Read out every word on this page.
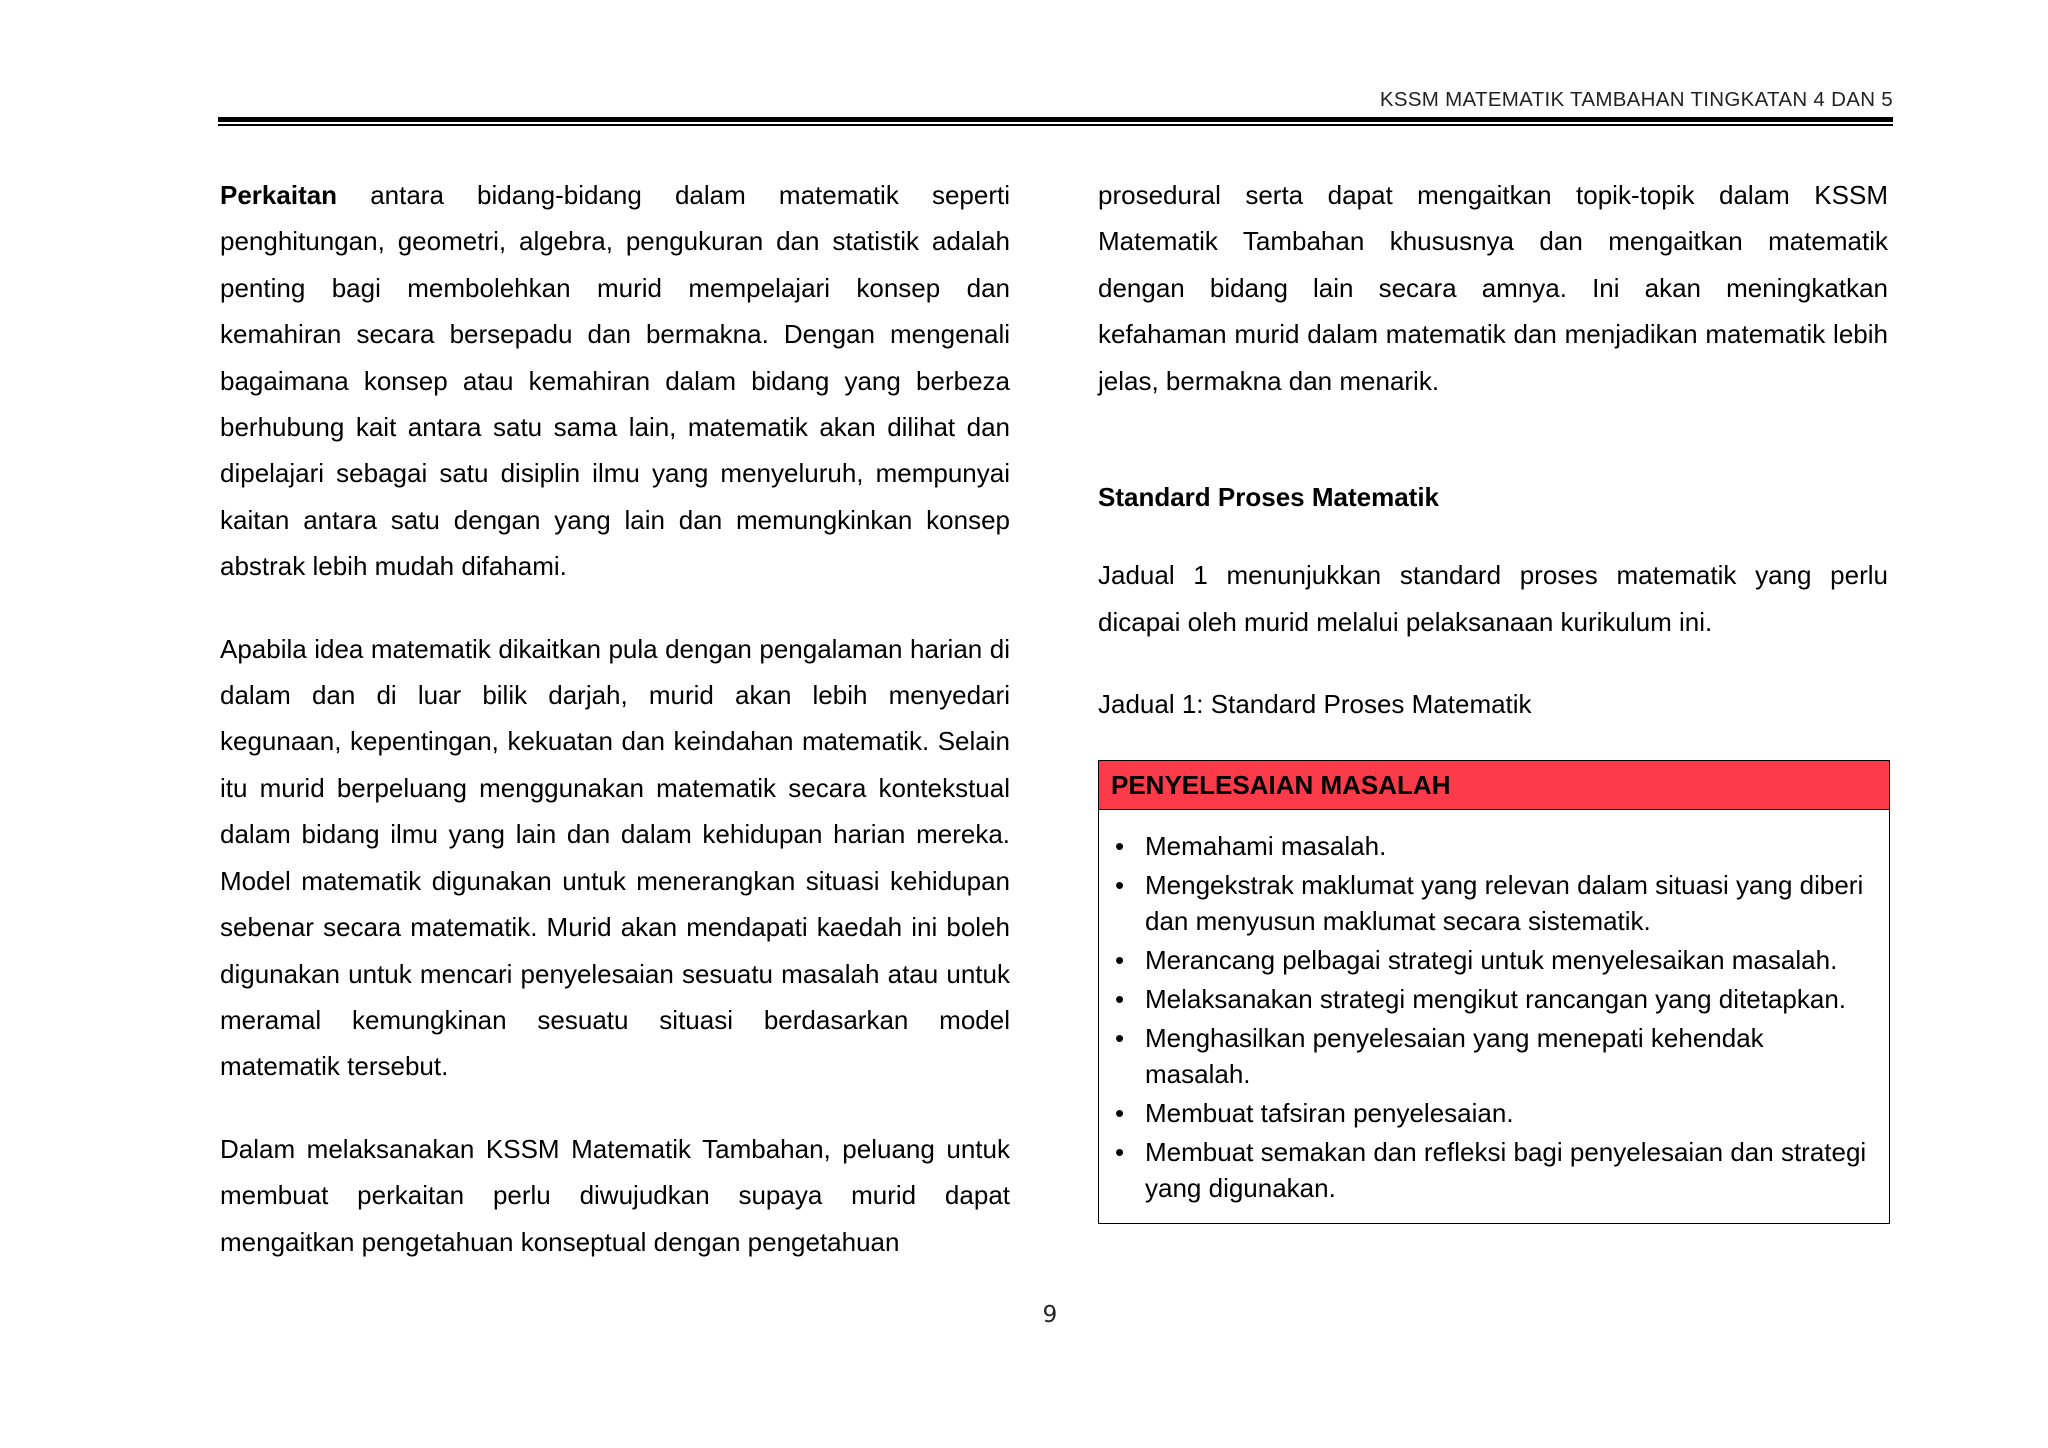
KSSM MATEMATIK TAMBAHAN TINGKATAN 4 DAN 5

Perkaitan antara bidang-bidang dalam matematik seperti penghitungan, geometri, algebra, pengukuran dan statistik adalah penting bagi membolehkan murid mempelajari konsep dan kemahiran secara bersepadu dan bermakna. Dengan mengenali bagaimana konsep atau kemahiran dalam bidang yang berbeza berhubung kait antara satu sama lain, matematik akan dilihat dan dipelajari sebagai satu disiplin ilmu yang menyeluruh, mempunyai kaitan antara satu dengan yang lain dan memungkinkan konsep abstrak lebih mudah difahami.

Apabila idea matematik dikaitkan pula dengan pengalaman harian di dalam dan di luar bilik darjah, murid akan lebih menyedari kegunaan, kepentingan, kekuatan dan keindahan matematik. Selain itu murid berpeluang menggunakan matematik secara kontekstual dalam bidang ilmu yang lain dan dalam kehidupan harian mereka. Model matematik digunakan untuk menerangkan situasi kehidupan sebenar secara matematik. Murid akan mendapati kaedah ini boleh digunakan untuk mencari penyelesaian sesuatu masalah atau untuk meramal kemungkinan sesuatu situasi berdasarkan model matematik tersebut.

Dalam melaksanakan KSSM Matematik Tambahan, peluang untuk membuat perkaitan perlu diwujudkan supaya murid dapat mengaitkan pengetahuan konseptual dengan pengetahuan

prosedural serta dapat mengaitkan topik-topik dalam KSSM Matematik Tambahan khususnya dan mengaitkan matematik dengan bidang lain secara amnya. Ini akan meningkatkan kefahaman murid dalam matematik dan menjadikan matematik lebih jelas, bermakna dan menarik.

Standard Proses Matematik

Jadual 1 menunjukkan standard proses matematik yang perlu dicapai oleh murid melalui pelaksanaan kurikulum ini.

Jadual 1: Standard Proses Matematik

PENYELESAIAN MASALAH
• Memahami masalah.
• Mengekstrak maklumat yang relevan dalam situasi yang diberi dan menyusun maklumat secara sistematik.
• Merancang pelbagai strategi untuk menyelesaikan masalah.
• Melaksanakan strategi mengikut rancangan yang ditetapkan.
• Menghasilkan penyelesaian yang menepati kehendak masalah.
• Membuat tafsiran penyelesaian.
• Membuat semakan dan refleksi bagi penyelesaian dan strategi yang digunakan.
9
